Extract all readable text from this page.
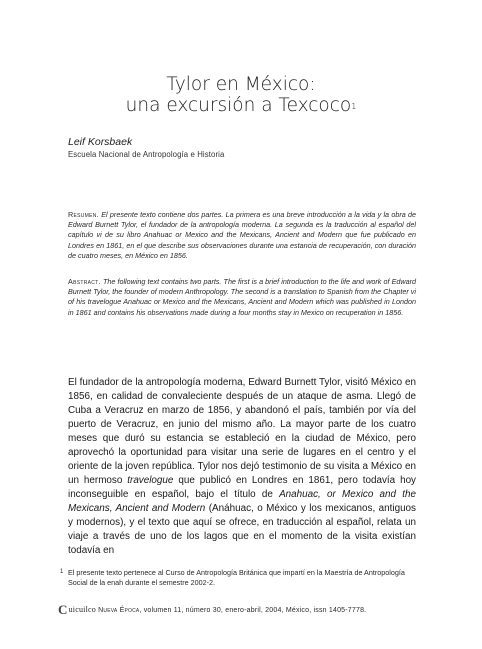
Tylor en México:
una excursión a Texcoco$^1$
Leif Korsbaek
Escuela Nacional de Antropología e Historia
Resumen. El presente texto contiene dos partes. La primera es una breve introducción a la vida y la obra de Edward Burnett Tylor, el fundador de la antropología moderna. La segunda es la traducción al español del capítulo vi de su libro Anahuac or Mexico and the Mexicans, Ancient and Modern que fue publicado en Londres en 1861, en el que describe sus observaciones durante una estancia de recuperación, con duración de cuatro meses, en México en 1856.
Abstract. The following text contains two parts. The first is a brief introduction to the life and work of Edward Burnett Tylor, the founder of modern Anthropology. The second is a translation to Spanish from the Chapter vi of his travelogue Anahuac or Mexico and the Mexicans, Ancient and Modern which was published in London in 1861 and contains his observations made during a four months stay in Mexico on recuperation in 1856.

El fundador de la antropología moderna, Edward Burnett Tylor, visitó México en 1856, en calidad de convaleciente después de un ataque de asma. Llegó de Cuba a Veracruz en marzo de 1856, y abandonó el país, también por vía del puerto de Veracruz, en junio del mismo año. La mayor parte de los cuatro meses que duró su estancia se estableció en la ciudad de México, pero aprovechó la oportunidad para visitar una serie de lugares en el centro y el oriente de la joven república. Tylor nos dejó testimonio de su visita a México en un hermoso travelogue que publicó en Londres en 1861, pero todavía hoy inconseguible en español, bajo el título de Anahuac, or Mexico and the Mexicans, Ancient and Modern (Anáhuac, o México y los mexicanos, antiguos y modernos), y el texto que aquí se ofrece, en traducción al español, relata un viaje a través de uno de los lagos que en el momento de la visita existían todavía en

1 El presente texto pertenece al Curso de Antropología Británica que impartí en la Maestría de Antropología Social de la enah durante el semestre 2002-2.
Cuicuilco Nueva Época, volumen 11, número 30, enero-abril, 2004, México, issn 1405-7778.
